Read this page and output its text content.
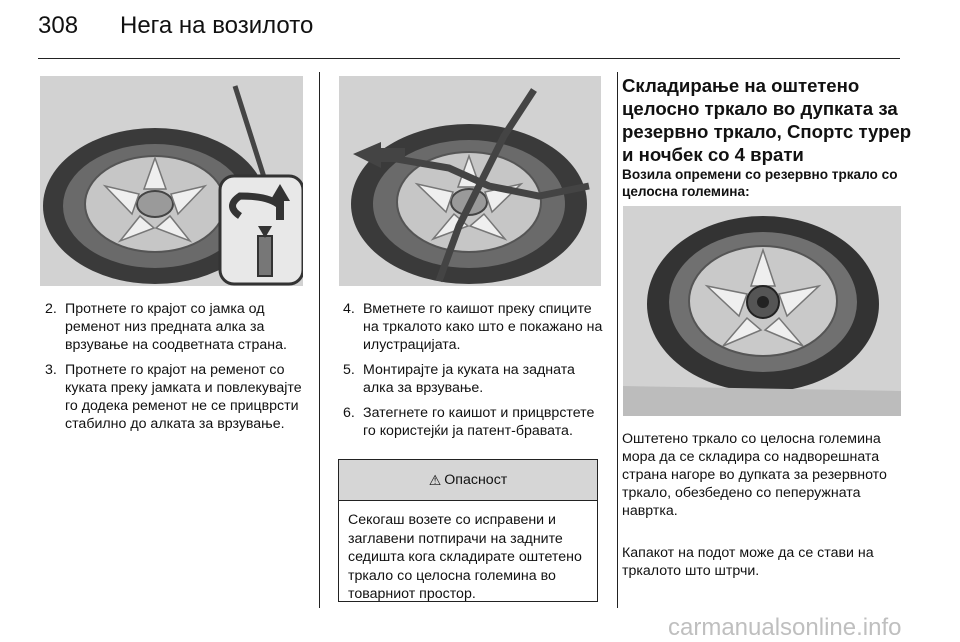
308 Нега на возилото
2. Протнете го крајот со јамка од ременот низ предната алка за врзување на соодветната страна.
3. Протнете го крајот на ременот со куката преку јамката и повлекувајте го додека ременот не се прицврсти стабилно до алката за врзување.
4. Вметнете го каишот преку спиците на тркалото како што е покажано на илустрацијата.
5. Монтирајте ја куката на задната алка за врзување.
6. Затегнете го каишот и прицврстете го користејќи ја патент-бравата.
⚠ Опасност
Секогаш возете со исправени и заглавени потпирачи на задните седишта кога складирате оштетено тркало со целосна големина во товарниот простор.
Складирање на оштетено целосно тркало во дупката за резервно тркало, Спортс турер и ночбек со 4 врати
Возила опремени со резервно тркало со целосна големина:

Оштетено тркало со целосна големина мора да се складира со надворешната страна нагоре во дупката за резервното тркало, обезбедено со пеперужната навртка.

Капакот на подот може да се стави на тркалото што штрчи.

carmanualsonline.info
